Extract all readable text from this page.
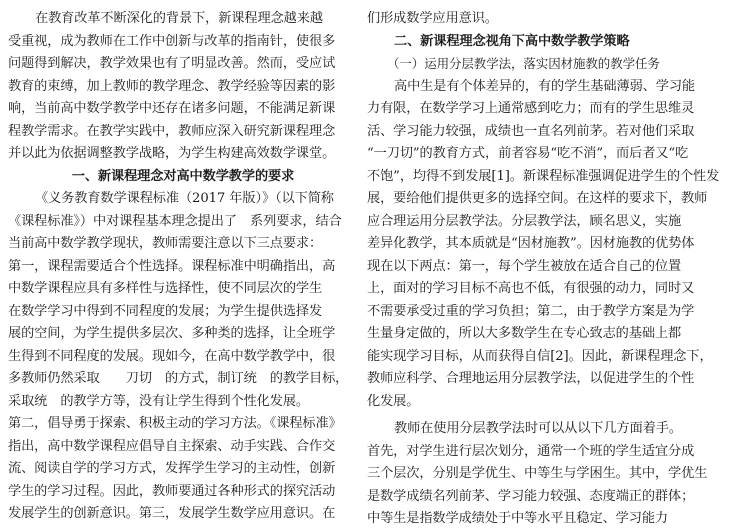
在教育改革不断深化的背景下，新课程理念越来越
受重视，成为教师在工作中创新与改革的指南针，使很多
问题得到解决，教学效果也有了明显改善。然而，受应试
教育的束缚，加上教师的教学理念、教学经验等因素的影
响，当前高中数学教学中还存在诸多问题，不能满足新课
程教学需求。在教学实践中，教师应深入研究新课程理念
并以此为依据调整教学战略，为学生构建高效数学课堂。
一、新课程理念对高中数学教学的要求
《义务教育数学课程标准（2017 年版）》（以下简称
《课程标准》）中对课程基本理念提出了　系列要求，结合
当前高中数学教学现状，教师需要注意以下三点要求：
第一，课程需要适合个性选择。课程标准中明确指出，高
中数学课程应具有多样性与选择性，使不同层次的学生
在数学学习中得到不同程度的发展；为学生提供选择发
展的空间，为学生提供多层次、多种类的选择，让全班学
生得到不同程度的发展。现如今，在高中数学教学中，很
多教师仍然采取　　刀切　的方式，制订统　的教学目标，
采取统　的教学方等，没有让学生得到个性化发展。
第二，倡导勇于探索、积极主动的学习方法。《课程标准》
指出，高中数学课程应倡导自主探索、动手实践、合作交
流、阅读自学的学习方式，发挥学生学习的主动性，创新
学生的学习过程。因此，教师要通过各种形式的探究活动
发展学生的创新意识。第三，发展学生数学应用意识。在
们形成数学应用意识。
二、新课程理念视角下高中数学教学策略
（一）运用分层教学法，落实因材施教的教学任务
高中生是有个体差异的，有的学生基础薄弱、学习能
力有限，在数学学习上通常感到吃力；而有的学生思维灵
活、学习能力较强，成绩也一直名列前茅。若对他们采取
“一刀切”的教育方式，前者容易“吃不消”，而后者又“吃
不饱”，均得不到发展[1]。新课程标准强调促进学生的个性发
展，要给他们提供更多的选择空间。在这样的要求下，教师
应合理运用分层教学法。分层教学法，顾名思义，实施
差异化教学，其本质就是“因材施教”。因材施教的优势体
现在以下两点：第一，每个学生被放在适合自己的位置
上，面对的学习目标不高也不低，有很强的动力，同时又
不需要承受过重的学习负担；第二，由于教学方案是为学
生量身定做的，所以大多数学生在专心致志的基础上都
能实现学习目标，从而获得自信[2]。因此，新课程理念下，
教师应科学、合理地运用分层教学法，以促进学生的个性
化发展。
教师在使用分层教学法时可以从以下几方面着手。
首先，对学生进行层次划分，通常一个班的学生适宜分成
三个层次，分别是学优生、中等生与学困生。其中，学优生
是数学成绩名列前茅、学习能力较强、态度端正的群体；
中等生是指数学成绩处于中等水平且稳定、学习能力
